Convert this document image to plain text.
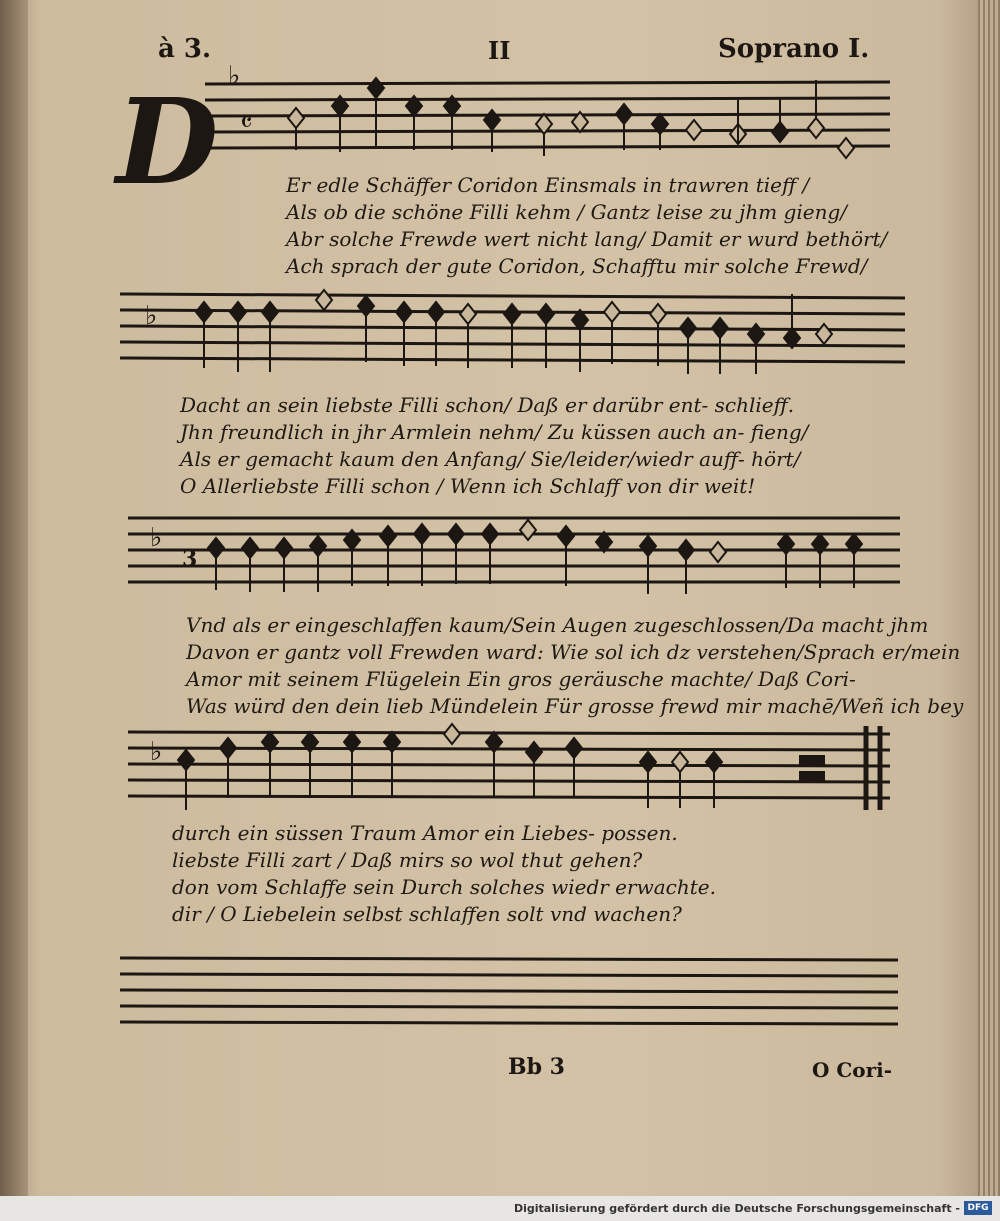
à 3.	II	Soprano I.
D ♭
𝄴
♭
♭
3
♭
Er edle Schäffer Coridon Einsmals in trawren tieff /
Als ob die schöne Filli kehm / Gantz leise zu jhm gieng/
Abr solche Frewde wert nicht lang/ Damit er wurd bethört/
Ach sprach der gute Coridon, Schafftu mir solche Frewd/
Dacht an sein liebste Filli schon/ Daß er darübr ent- schlieff.
Jhn freundlich in jhr Armlein nehm/ Zu küssen auch an- fieng/
Als er gemacht kaum den Anfang/ Sie/leider/wiedr auff- hört/
O Allerliebste Filli schon / Wenn ich Schlaff von dir weit!
Vnd als er eingeschlaffen kaum/Sein Augen zugeschlossen/Da macht jhm
Davon er gantz voll Frewden ward: Wie sol ich dz verstehen/Sprach er/mein
Amor mit seinem Flügelein Ein gros geräusche machte/ Daß Cori-
Was würd den dein lieb Mündelein Für grosse frewd mir machē/Weñ ich bey
durch ein süssen Traum Amor ein Liebes- possen.
liebste Filli zart / Daß mirs so wol thut gehen?
don vom Schlaffe sein Durch solches wiedr erwachte.
dir / O Liebelein selbst schlaffen solt vnd wachen?
Bb 3	O Cori-
Digitalisierung gefördert durch die Deutsche Forschungsgemeinschaft - DFG
